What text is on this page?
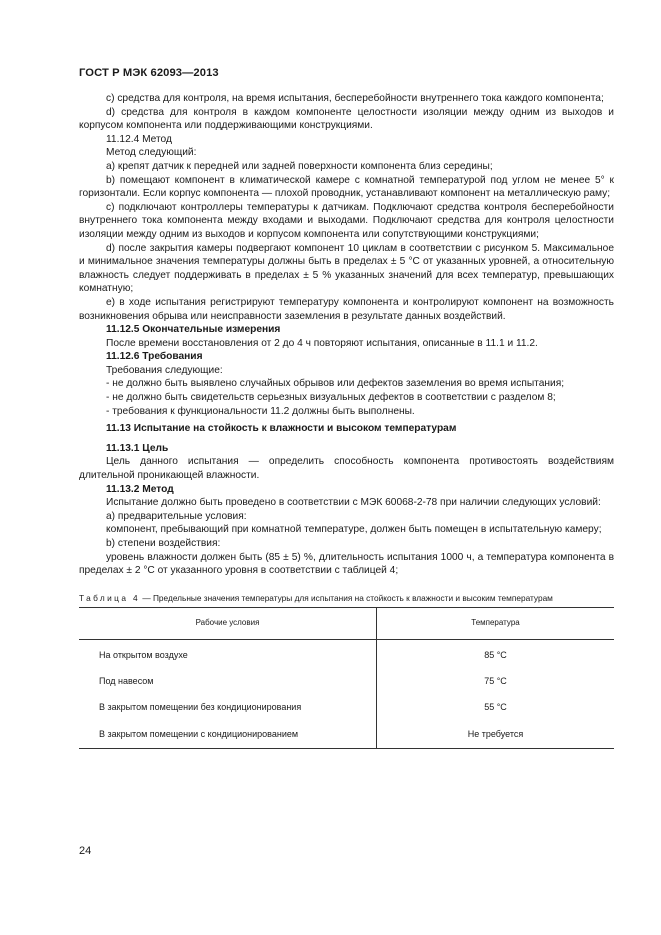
ГОСТ Р МЭК 62093—2013

c) средства для контроля, на время испытания, бесперебойности внутреннего тока каждого компонента;

d) средства для контроля в каждом компоненте целостности изоляции между одним из выходов и корпусом компонента или поддерживающими конструкциями.

11.12.4 Метод

Метод следующий:

a) крепят датчик к передней или задней поверхности компонента близ середины;

b) помещают компонент в климатической камере с комнатной температурой под углом не менее 5° к горизонтали. Если корпус компонента — плохой проводник, устанавливают компонент на металлическую раму;

c) подключают контроллеры температуры к датчикам. Подключают средства контроля бесперебойности внутреннего тока компонента между входами и выходами. Подключают средства для контроля целостности изоляции между одним из выходов и корпусом компонента или сопутствующими конструкциями;

d) после закрытия камеры подвергают компонент 10 циклам в соответствии с рисунком 5. Максимальное и минимальное значения температуры должны быть в пределах ± 5 °С от указанных уровней, а относительную влажность следует поддерживать в пределах ± 5 % указанных значений для всех температур, превышающих комнатную;

e) в ходе испытания регистрируют температуру компонента и контролируют компонент на возможность возникновения обрыва или неисправности заземления в результате данных воздействий.

11.12.5 Окончательные измерения

После времени восстановления от 2 до 4 ч повторяют испытания, описанные в 11.1 и 11.2.

11.12.6 Требования

Требования следующие:

- не должно быть выявлено случайных обрывов или дефектов заземления во время испытания;

- не должно быть свидетельств серьезных визуальных дефектов в соответствии с разделом 8;

- требования к функциональности 11.2 должны быть выполнены.

11.13 Испытание на стойкость к влажности и высоком температурам

11.13.1 Цель

Цель данного испытания — определить способность компонента противостоять воздействиям длительной проникающей влажности.

11.13.2 Метод

Испытание должно быть проведено в соответствии с МЭК 60068-2-78 при наличии следующих условий:

a) предварительные условия:

компонент, пребывающий при комнатной температуре, должен быть помещен в испытательную камеру;

b) степени воздействия:

уровень влажности должен быть (85 ± 5) %, длительность испытания 1000 ч, а температура компонента в пределах ± 2 °С от указанного уровня в соответствии с таблицей 4;

Таблица 4 — Предельные значения температуры для испытания на стойкость к влажности и высоким температурам
Рабочие условия	Температура
На открытом воздухе	85 °С
Под навесом	75 °С
В закрытом помещении без кондиционирования	55 °С
В закрытом помещении с кондиционированием	Не требуется
24
